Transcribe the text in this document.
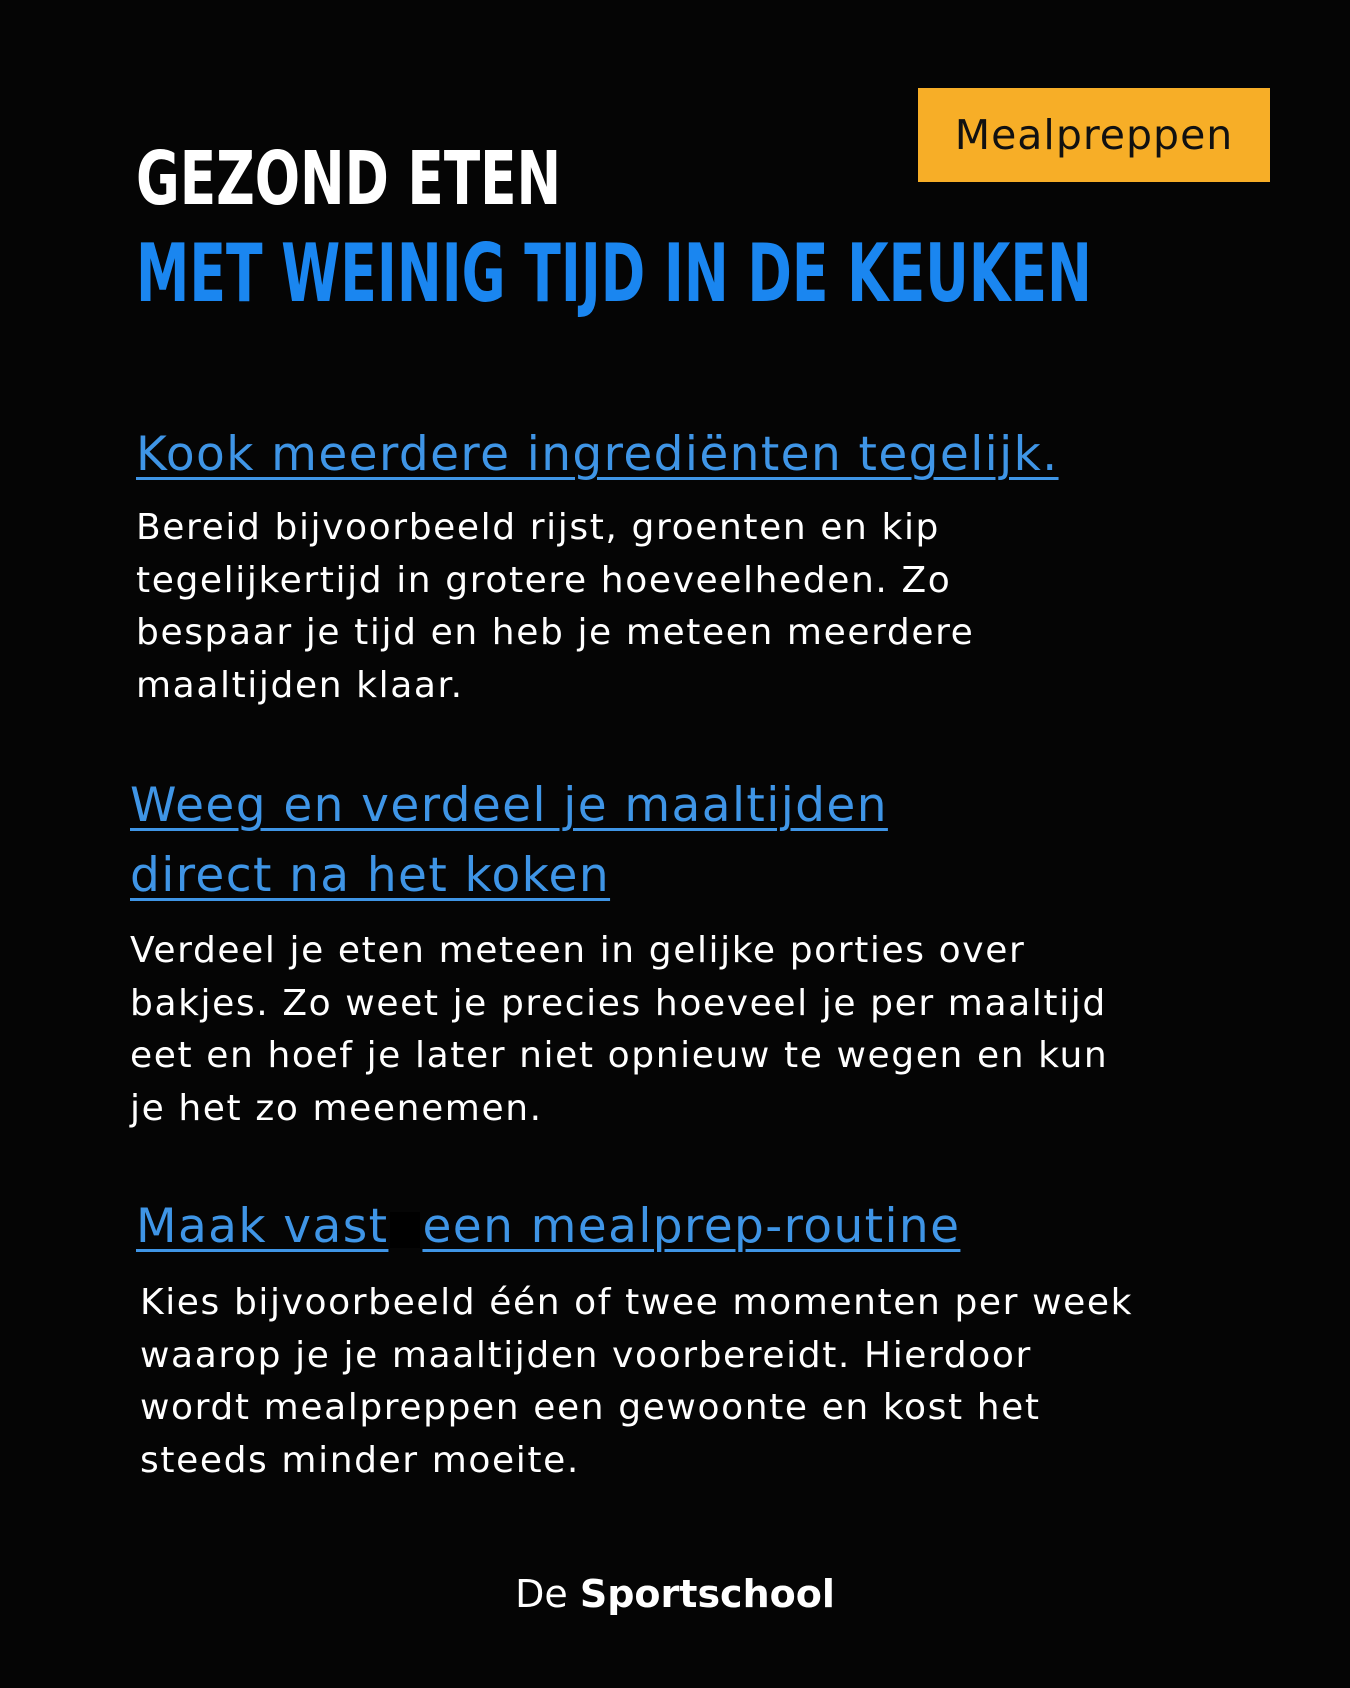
Mealpreppen
GEZOND ETEN
MET WEINIG TIJD IN DE KEUKEN
Kook meerdere ingrediënten tegelijk.
Bereid bijvoorbeeld rijst, groenten en kip
tegelijkertijd in grotere hoeveelheden. Zo
bespaar je tijd en heb je meteen meerdere
maaltijden klaar.
Weeg en verdeel je maaltijden
direct na het koken
Verdeel je eten meteen in gelijke porties over
bakjes. Zo weet je precies hoeveel je per maaltijd
eet en hoef je later niet opnieuw te wegen en kun
je het zo meenemen.
Maak vast een mealprep-routine
Kies bijvoorbeeld één of twee momenten per week
waarop je je maaltijden voorbereidt. Hierdoor
wordt mealpreppen een gewoonte en kost het
steeds minder moeite.
De Sportschool
